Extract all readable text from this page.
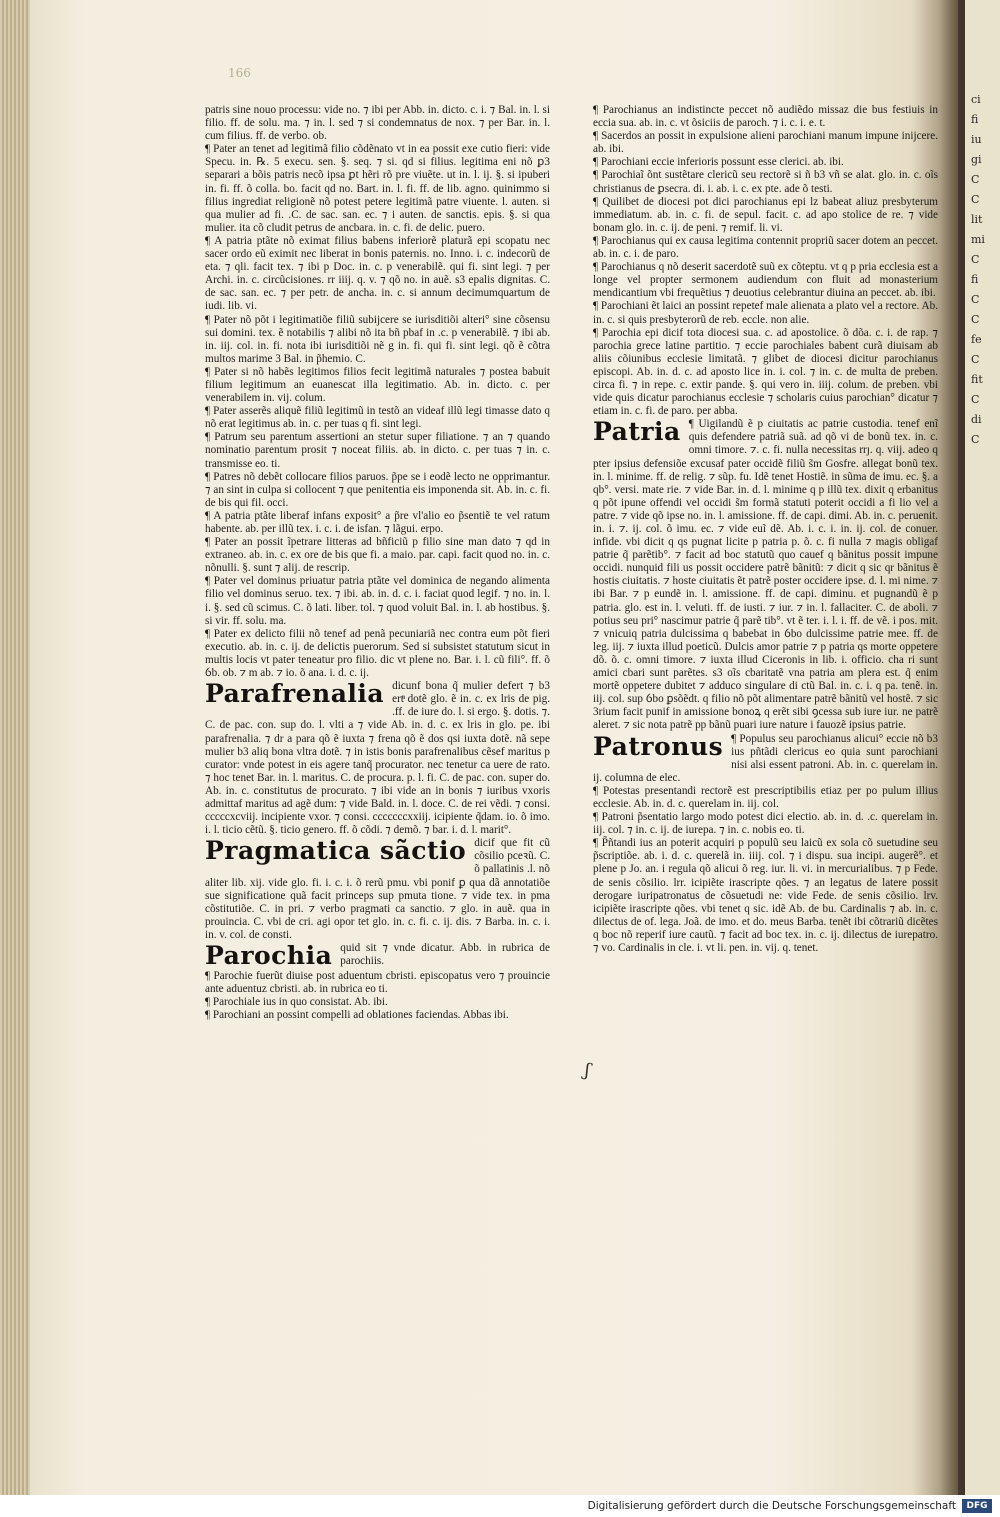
ci
fi
iu
gi
C
C
lit
mi
C
fi
C
C
fe
C
fit
C
di
C
166

patris sine nouo processu: vide no. ⁊ ibi per Abb. in. dicto. c. i. ⁊ Bal. in. l. si filio. ff. de solu. ma. ⁊ in. l. sed ⁊ si condemnatus de nox. ⁊ per Bar. in. l. cum filius. ff. de verbo. ob.

¶ Pater an tenet ad legitimã filio cõdẽnato vt in ea possit exe cutio fieri: vide Specu. in. ℞. 5 execu. sen. §. seq. ⁊ si. qd si filius. legitima eni nõ ꝑ3 separari a bõis patris necõ ipsa ꝑt hẽri rõ pre viuẽte. ut in. l. ij. §. si ipuberi in. fi. ff. õ colla. bo. facit qd no. Bart. in. l. fi. ff. de lib. agno. quinimmo si filius ingrediat religionẽ nõ potest petere legitimã patre viuente. l. auten. si qua mulier ad fi. .C. de sac. san. ec. ⁊ i auten. de sanctis. epis. §. si qua mulier. ita cõ cludit petrus de ancbara. in. c. fi. de delic. puero.

¶ A patria ptãte nõ eximat filius babens inferiorẽ platurã epi scopatu nec sacer ordo eũ eximit nec liberat in bonis paternis. no. Inno. i. c. indecorũ de eta. ⁊ qli. facit tex. ⁊ ibi p Doc. in. c. p venerabilẽ. qui fi. sint legi. ⁊ per Archi. in. c. circũcisiones. rr iiij. q. v. ⁊ qõ no. in auẽ. s3 epalis dignitas. C. de sac. san. ec. ⁊ per petr. de ancha. in. c. si annum decimumquartum de iudi. lib. vi.

¶ Pater nõ põt i legitimatiõe filiũ subijcere se iurisditiõi alteri° sine cõsensu sui domini. tex. ẽ notabilis ⁊ alibi nõ ita bñ pbaf in .c. p venerabilẽ. ⁊ ibi ab. in. iij. col. in. fi. nota ibi iurisditiõi nẽ g in. fi. qui fi. sint legi. qõ ẽ cõtra multos marime 3 Bal. in p̃hemio. C.

¶ Pater si nõ habẽs legitimos filios fecit legitimã naturales ⁊ postea babuit filium legitimum an euanescat illa legitimatio. Ab. in. dicto. c. per venerabilem in. vij. colum.

¶ Pater asserẽs aliquẽ filiũ legitimũ in testõ an videaf illũ legi timasse dato q nõ erat legitimus ab. in. c. per tuas q fi. sint legi.

¶ Patrum seu parentum assertioni an stetur super filiatione. ⁊ an ⁊ quando nominatio parentum prosit ⁊ noceat filiis. ab. in dicto. c. per tuas ⁊ in. c. transmisse eo. ti.

¶ Patres nõ debẽt collocare filios paruos. p̃pe se i eodẽ lecto ne opprimantur. ⁊ an sint in culpa si collocent ⁊ que penitentia eis imponenda sit. Ab. in. c. fi. de bis qui fil. occi.

¶ A patria ptãte liberaf infans exposit° a p̃re vl'alio eo p̃sentiẽ te vel ratum habente. ab. per illũ tex. i. c. i. de isfan. ⁊ lãgui. erpo.

¶ Pater an possit ĩpetrare litteras ad bñficiũ p filio sine man dato ⁊ qd in extraneo. ab. in. c. ex ore de bis que fi. a maio. par. capi. facit quod no. in. c. nõnulli. §. sunt ⁊ alij. de rescrip.

¶ Pater vel dominus priuatur patria ptãte vel dominica de negando alimenta filio vel dominus seruo. tex. ⁊ ibi. ab. in. d. c. i. faciat quod legif. ⁊ no. in. l. i. §. sed cũ scimus. C. õ lati. liber. tol. ⁊ quod voluit Bal. in. l. ab hostibus. §. si vir. ff. solu. ma.

¶ Pater ex delicto filii nõ tenef ad penã pecuniariã nec contra eum põt fieri executio. ab. in. c. ij. de delictis puerorum. Sed si subsistet statutum sicut in multis locis vt pater teneatur pro filio. dic vt plene no. Bar. i. l. cũ fili°. ff. õ ỽb. ob. ⁊ m ab. ⁊ io. õ ana. i. d. c. ij.

Parafrenalia dicunf bona q̃ mulier defert ⁊ b3 ertͣ dotẽ glo. ẽ in. c. ex lris de pig. .ff. de iure do. l. si ergo. §. dotis. ⁊. C. de pac. con. sup do. l. vlti a ⁊ vide Ab. in. d. c. ex lris in glo. pe. ibi parafrenalia. ⁊ dr a para qõ ẽ iuxta ⁊ frena qõ ẽ dos qsi iuxta dotẽ. nã sepe mulier b3 aliq bona vltra dotẽ. ⁊ in istis bonis parafrenalibus cẽsef maritus p curator: vnde potest in eis agere tanq̃ procurator. nec tenetur ca uere de rato. ⁊ hoc tenet Bar. in. l. maritus. C. de procura. p. l. fi. C. de pac. con. super do. Ab. in. c. constitutus de procurato. ⁊ ibi vide an in bonis ⁊ iuribus vxoris admittaf maritus ad agẽ dum: ⁊ vide Bald. in. l. doce. C. de rei vẽdi. ⁊ consi. cccccxcviij. incipiente vxor. ⁊ consi. cccccccxxiij. icipiente q̃dam. io. õ imo. i. l. ticio cẽtũ. §. ticio genero. ff. õ cõdi. ⁊ demõ. ⁊ bar. i. d. l. marit°.

Pragmatica sãctio dicif que fit cũ cõsilio pceꝛũ. C. õ pallatinis .l. nõ aliter lib. xij. vide glo. fi. i. c. i. õ rerũ pmu. vbi ponif ꝑ qua dã annotatiõe sue significatione quã facit princeps sup pmuta tione. ⁊ vide tex. in pma cõstitutiõe. C. in pri. ⁊ verbo pragmati ca sanctio. ⁊ glo. in auẽ. qua in prouincia. C. vbi de cri. agi opor tet glo. in. c. fi. c. ij. dis. ⁊ Barba. in. c. i. in. v. col. de consti.

Parochia quid sit ⁊ vnde dicatur. Abb. in rubrica de parochiis.

¶ Parochie fuerũt diuise post aduentum cbristi. episcopatus vero ⁊ prouincie ante aduentuz cbristi. ab. in rubrica eo ti.

¶ Parochiale ius in quo consistat. Ab. ibi.

¶ Parochiani an possint compelli ad oblationes faciendas. Abbas ibi.

¶ Parochianus an indistincte peccet nõ audiẽdo missaz die bus festiuis in eccia sua. ab. in. c. vt õsiciis de paroch. ⁊ i. c. i. e. t.

¶ Sacerdos an possit in expulsione alieni parochiani manum impune inijcere. ab. ibi.

¶ Parochiani eccie inferioris possunt esse clerici. ab. ibi.

¶ Parochiaĩ õnt sustẽtare clericũ seu rectorẽ si ñ b3 vñ se alat. glo. in. c. oĩs christianus de ꝑsecra. di. i. ab. i. c. ex pte. ade õ testi.

¶ Quilibet de diocesi pot dici parochianus epi lz babeat aliuz presbyterum immediatum. ab. in. c. fi. de sepul. facit. c. ad apo stolice de re. ⁊ vide bonam glo. in. c. ij. de peni. ⁊ remif. li. vi.

¶ Parochianus qui ex causa legitima contennit propriũ sacer dotem an peccet. ab. in. c. i. de paro.

¶ Parochianus q nõ deserit sacerdotẽ suũ ex cõteptu. vt q p pria ecclesia est a longe vel propter sermonem audiendum con fluit ad monasterium mendicantium vbi frequẽtius ⁊ deuotius celebrantur diuina an peccet. ab. ibi.

¶ Parochiani ẽt laici an possint repetef male alienata a plato vel a rectore. Ab. in. c. si quis presbyterorũ de reb. eccle. non alie.

¶ Parochia epi dicif tota diocesi sua. c. ad apostolice. õ dõa. c. i. de rap. ⁊ parochia grece latine partitio. ⁊ eccie parochiales babent curã diuisam ab aliis cõiunibus ecclesie limitatã. ⁊ glibet de diocesi dicitur parochianus episcopi. Ab. in. d. c. ad aposto lice in. i. col. ⁊ in. c. de multa de preben. circa fi. ⁊ in repe. c. extir pande. §. qui vero in. iiij. colum. de preben. vbi vide quis dicatur parochianus ecclesie ⁊ scholaris cuius parochian° dicatur ⁊ etiam in. c. fi. de paro. per abba.

Patria ¶ Uigilandũ ẽ p ciuitatis ac patrie custodia. tenef enĩ quis defendere patriã suã. ad qõ vi de bonũ tex. in. c. omni timore. ⁊. c. fi. nulla necessitas rrȷ. q. viij. adeo q pter ipsius defensiõe excusaf pater occidẽ filiũ s̃m Gosfre. allegat bonũ tex. in. l. minime. ff. de relig. ⁊ sũp. fu. Idẽ tenet Hostiẽ. in sũma de imu. ec. §. a qb°. versi. mate rie. ⁊ vide Bar. in. d. l. minime q p illũ tex. dixit q erbanitus q põt ipune offendi vel occidi s̃m formã statuti poterit occidi a fi lio vel a patre. ⁊ vide qõ ipse no. in. l. amissione. ff. de capi. dimi. Ab. in. c. peruenit. in. i. ⁊. ij. col. õ imu. ec. ⁊ vide euĩ dẽ. Ab. i. c. i. in. ij. col. de conuer. infide. vbi dicit q qs pugnat licite p patria p. õ. c. fi nulla ⁊ magis obligaf patrie q̃ parẽtib°. ⁊ facit ad boc statutũ quo cauef q bãnitus possit impune occidi. nunquid fili us possit occidere patrẽ bãnitũ: ⁊ dicit q sic qr bãnitus ẽ hostis ciuitatis. ⁊ hoste ciuitatis ẽt patrẽ poster occidere ipse. d. l. mi nime. ⁊ ibi Bar. ⁊ p eundẽ in. l. amissione. ff. de capi. diminu. et pugnandũ ẽ p patria. glo. est in. l. veluti. ff. de iusti. ⁊ iur. ⁊ in. l. fallaciter. C. de aboli. ⁊ potius seu pri° nascimur patrie q̃ parẽ tib°. vt ẽ ter. i. l. i. ff. de vẽ. i pos. mit. ⁊ vnicuiq patria dulcissima q babebat in ỽbo dulcissime patrie mee. ff. de leg. iij. ⁊ iuxta illud poeticũ. Dulcis amor patrie ⁊ p patria qs morte oppetere dõ. õ. c. omni timore. ⁊ iuxta illud Ciceronis in lib. i. officio. cha ri sunt amici cbari sunt parẽtes. s3 oĩs cbaritatẽ vna patria am plera est. q̃ enim mortẽ oppetere dubitet ⁊ adduco singulare di ctũ Bal. in. c. i. q pa. tenẽ. in. iij. col. sup ỽbo ꝑsõẽdt. q filio nõ põt alimentare patrẽ bãnitũ vel hostẽ. ⁊ sic 3rium facit punif in amissione bonoꝝ q erẽt sibi ꝯcessa sub iure iur. ne patrẽ aleret. ⁊ sic nota patrẽ pp bãnũ puari iure nature i fauozẽ ipsius patrie.

Patronus ¶ Populus seu parochianus alicui° eccie nõ b3 ius pñtãdi clericus eo quia sunt parochiani nisi alsi essent patroni. Ab. in. c. querelam in. ij. columna de elec.

¶ Potestas presentandi rectorẽ est prescriptibilis etiaz per po pulum illius ecclesie. Ab. in. d. c. querelam in. iij. col.

¶ Patroni p̃sentatio largo modo potest dici electio. ab. in. d. .c. querelam in. iij. col. ⁊ in. c. ij. de iurepa. ⁊ in. c. nobis eo. ti.

¶ P̃ñtandi ius an poterit acquiri p populũ seu laicũ ex sola cõ suetudine seu p̃scriptiõe. ab. i. d. c. querelã in. iiij. col. ⁊ i dispu. sua incipi. augerẽ°. et plene p Jo. an. i regula qõ alicui õ reg. iur. li. vi. in mercurialibus. ⁊ p Fede. de senis cõsilio. lrr. icipiẽte irascripte qões. ⁊ an legatus de latere possit derogare iuripatronatus de cõsuetudi ne: vide Fede. de senis cõsilio. lrv. icipiẽte irascripte qões. vbi tenet q sic. idẽ Ab. de bu. Cardinalis ⁊ ab. in. c. dilectus de of. lega. Joã. de imo. et do. meus Barba. tenẽt ibi cõtrariũ dicẽtes q boc nõ reperif iure cautũ. ⁊ facit ad boc tex. in. c. ij. dilectus de iurepatro. ⁊ vo. Cardinalis in cle. i. vt li. pen. in. vij. q. tenet.

ʃ
Digitalisierung gefördert durch die Deutsche Forschungsgemeinschaft	DFG
